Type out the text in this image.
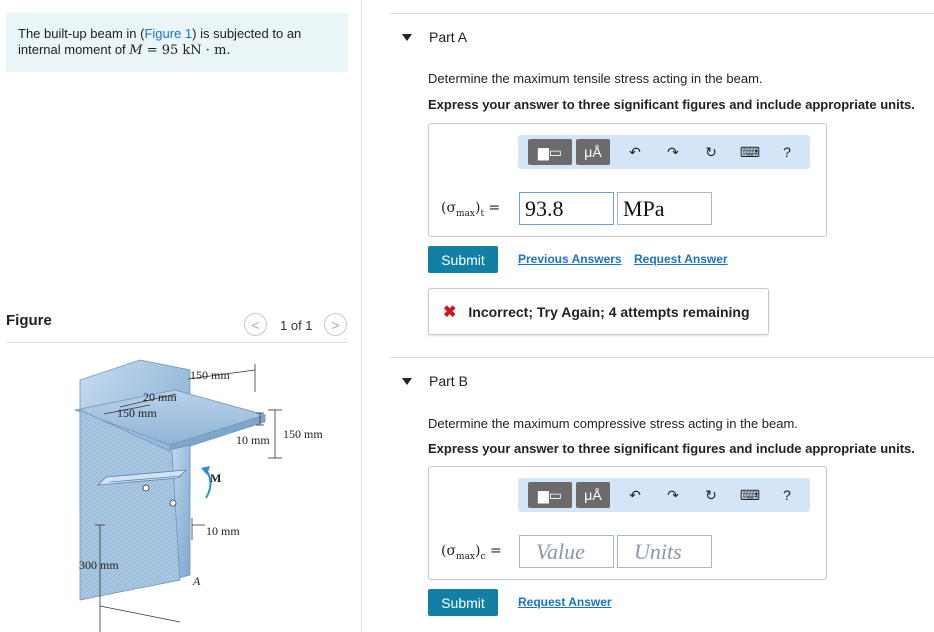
The built-up beam in (Figure 1) is subjected to an internal moment of M = 95 kN · m.
Figure	< 1 of 1 >
150 mm
20 mm
150 mm
10 mm 150 mm
M
10 mm
300 mm
A
Part A
Determine the maximum tensile stress acting in the beam.
Express your answer to three significant figures and include appropriate units.
▆▭ μÅ ↶ ↷ ↻ ⌨ ?
$(\sigma_{max})_t = 93.8$	MPa
Submit	Previous Answers Request Answer
✖ Incorrect; Try Again; 4 attempts remaining
Part B
Determine the maximum compressive stress acting in the beam.
Express your answer to three significant figures and include appropriate units.
▆▭ μÅ ↶ ↷ ↻ ⌨ ?
$(\sigma_{max})_c$ =	Value	Units
Submit	Request Answer
